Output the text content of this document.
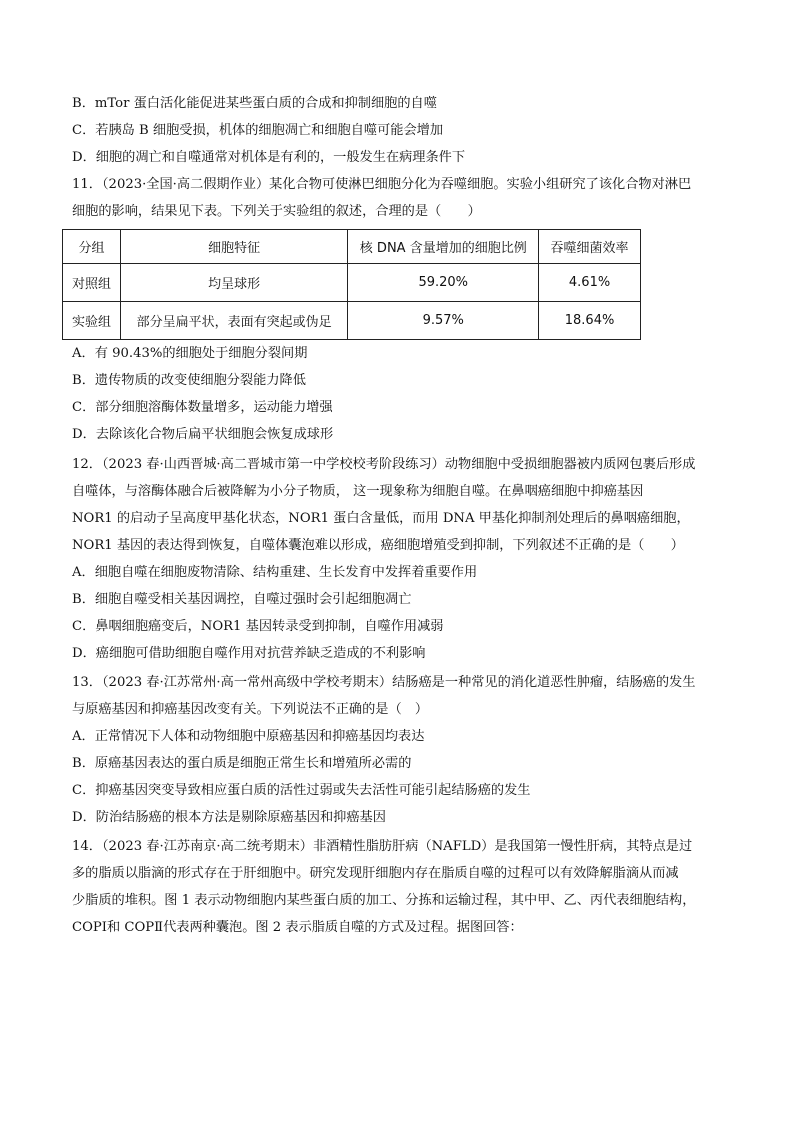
B．mTor 蛋白活化能促进某些蛋白质的合成和抑制细胞的自噬
C．若胰岛 B 细胞受损，机体的细胞凋亡和细胞自噬可能会增加
D．细胞的凋亡和自噬通常对机体是有利的，一般发生在病理条件下
11．（2023·全国·高二假期作业）某化合物可使淋巴细胞分化为吞噬细胞。实验小组研究了该化合物对淋巴
细胞的影响，结果见下表。下列关于实验组的叙述，合理的是（　　）
分组	细胞特征	核 DNA 含量增加的细胞比例	吞噬细菌效率
对照组	均呈球形	59.20%	4.61%
实验组	部分呈扁平状，表面有突起或伪足	9.57%	18.64%
A．有 90.43%的细胞处于细胞分裂间期
B．遗传物质的改变使细胞分裂能力降低
C．部分细胞溶酶体数量增多，运动能力增强
D．去除该化合物后扁平状细胞会恢复成球形
12．（2023 春·山西晋城·高二晋城市第一中学校校考阶段练习）动物细胞中受损细胞器被内质网包裹后形成
自噬体，与溶酶体融合后被降解为小分子物质， 这一现象称为细胞自噬。在鼻咽癌细胞中抑癌基因
NOR1 的启动子呈高度甲基化状态，NOR1 蛋白含量低，而用 DNA 甲基化抑制剂处理后的鼻咽癌细胞，
NOR1 基因的表达得到恢复，自噬体囊泡难以形成，癌细胞增殖受到抑制，下列叙述不正确的是（　　）
A．细胞自噬在细胞废物清除、结构重建、生长发育中发挥着重要作用
B．细胞自噬受相关基因调控，自噬过强时会引起细胞凋亡
C．鼻咽细胞癌变后，NOR1 基因转录受到抑制，自噬作用减弱
D．癌细胞可借助细胞自噬作用对抗营养缺乏造成的不利影响
13．（2023 春·江苏常州·高一常州高级中学校考期末）结肠癌是一种常见的消化道恶性肿瘤，结肠癌的发生
与原癌基因和抑癌基因改变有关。下列说法不正确的是（　）
A．正常情况下人体和动物细胞中原癌基因和抑癌基因均表达
B．原癌基因表达的蛋白质是细胞正常生长和增殖所必需的
C．抑癌基因突变导致相应蛋白质的活性过弱或失去活性可能引起结肠癌的发生
D．防治结肠癌的根本方法是剔除原癌基因和抑癌基因
14．（2023 春·江苏南京·高二统考期末）非酒精性脂肪肝病（NAFLD）是我国第一慢性肝病，其特点是过
多的脂质以脂滴的形式存在于肝细胞中。研究发现肝细胞内存在脂质自噬的过程可以有效降解脂滴从而减
少脂质的堆积。图 1 表示动物细胞内某些蛋白质的加工、分拣和运输过程，其中甲、乙、丙代表细胞结构，
COPⅠ和 COPⅡ代表两种囊泡。图 2 表示脂质自噬的方式及过程。据图回答：
